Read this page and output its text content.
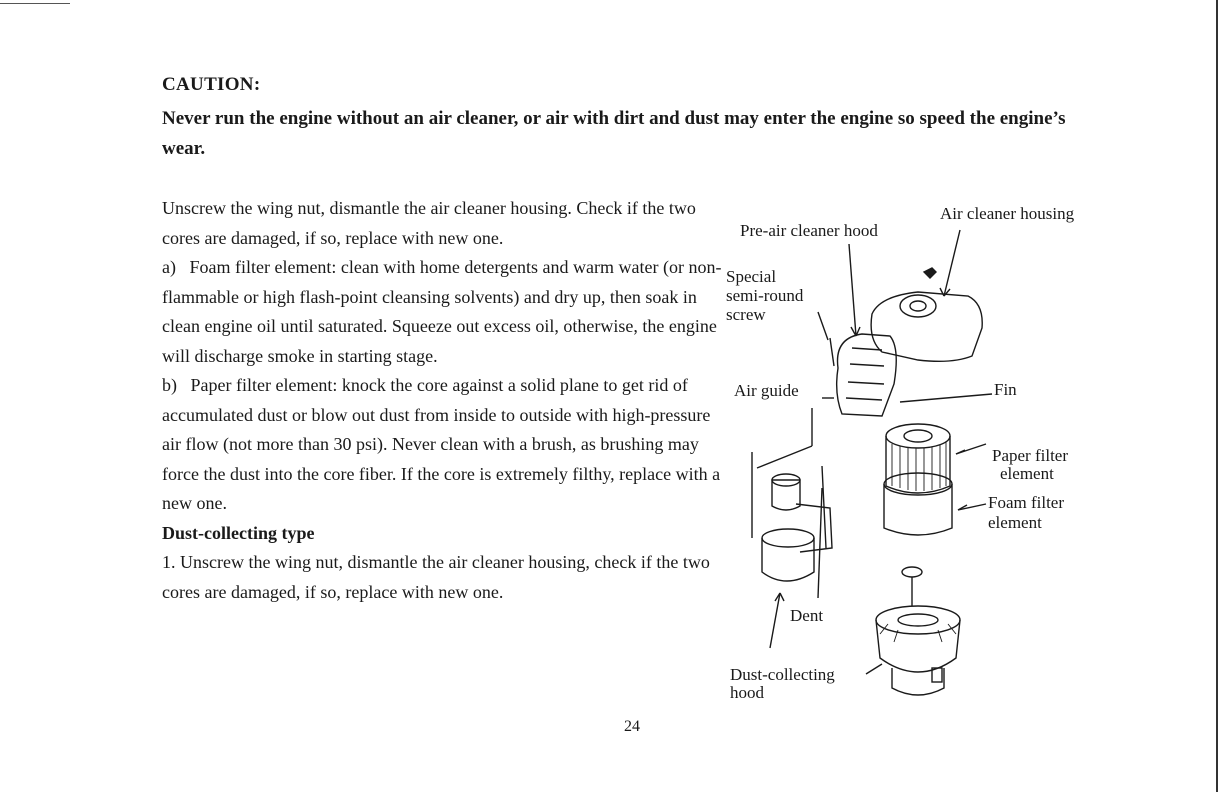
CAUTION:
Never run the engine without an air cleaner, or air with dirt and dust may enter the engine so speed the engine’s wear.

Unscrew the wing nut, dismantle the air cleaner housing. Check if the two cores are damaged, if so, replace with new one.

a)   Foam filter element: clean with home detergents and warm water (or non-flammable or high flash-point cleansing solvents) and dry up, then soak in clean engine oil until saturated. Squeeze out excess oil, otherwise, the engine will discharge smoke in starting stage.

b)   Paper filter element: knock the core against a solid plane to get rid of accumulated dust or blow out dust from inside to outside with high-pressure air flow (not more than 30 psi). Never clean with a brush, as brushing may force the dust into the core fiber. If the core is extremely filthy, replace with a new one.

Dust-collecting type

1. Unscrew the wing nut, dismantle the air cleaner housing, check if the two cores are damaged, if so, replace with new one.

Air cleaner housing
Pre-air cleaner hood
Special
semi-round
screw
Air guide	Fin
Paper filter
element
Foam filter
element
Dent
Dust-collecting
hood
24
